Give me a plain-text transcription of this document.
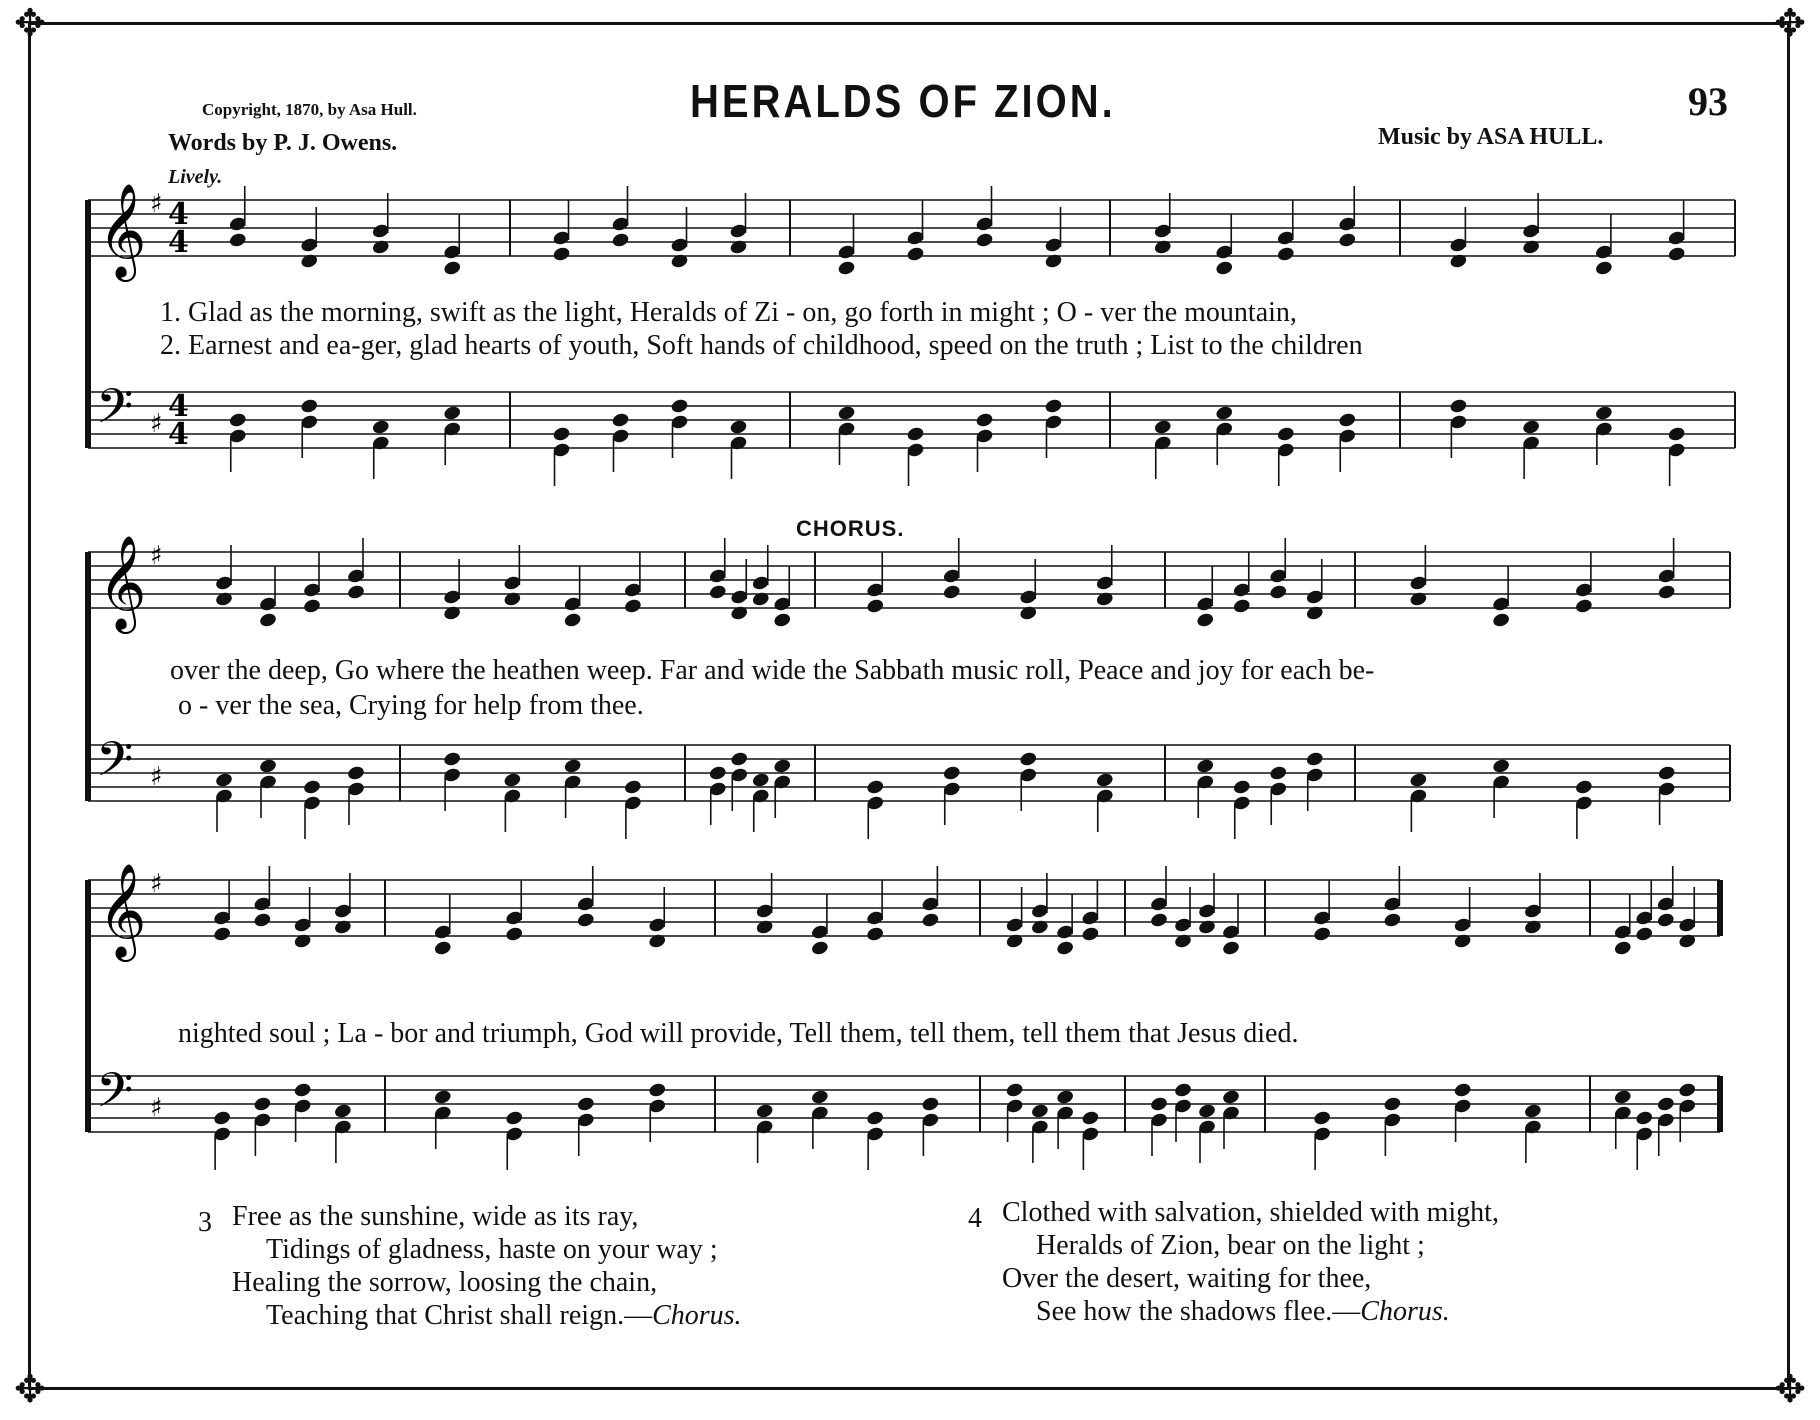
✥	✥
✥	✥
Copyright, 1870, by Asa Hull.	HERALDS OF ZION.	93
Words by P. J. Owens.	Music by ASA HULL.
Lively.
CHORUS.
𝄞 ♯
𝄢 ♯
4
4
4
4
𝄞 ♯
𝄢 ♯
𝄞 ♯
𝄢 ♯
1. Glad as the morning, swift as the light, Heralds of Zi - on, go forth in might ; O - ver the mountain,
2. Earnest and ea-ger, glad hearts of youth, Soft hands of childhood, speed on the truth ; List to the children
over the deep, Go where the heathen weep. Far and wide the Sabbath music roll, Peace and joy for each be-
o - ver the sea, Crying for help from thee.
nighted soul ; La - bor and triumph, God will provide, Tell them, tell them, tell them that Jesus died.
3 Free as the sunshine, wide as its ray,
Tidings of gladness, haste on your way ;
Healing the sorrow, loosing the chain,
Teaching that Christ shall reign.—Chorus.
4 Clothed with salvation, shielded with might,
Heralds of Zion, bear on the light ;
Over the desert, waiting for thee,
See how the shadows flee.—Chorus.
